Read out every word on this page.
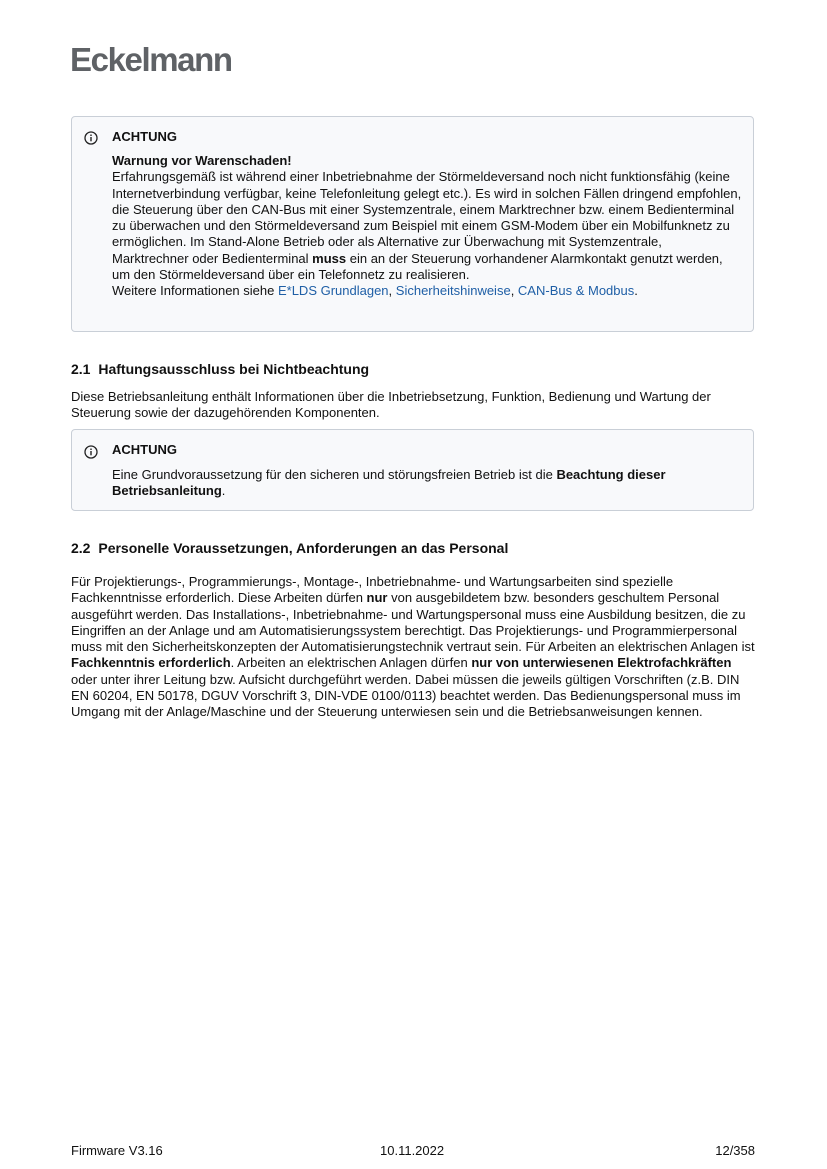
Eckelmann
ACHTUNG
Warnung vor Warenschaden!
Erfahrungsgemäß ist während einer Inbetriebnahme der Störmeldeversand noch nicht funktionsfähig (keine Internetverbindung verfügbar, keine Telefonleitung gelegt etc.). Es wird in solchen Fällen dringend empfohlen, die Steuerung über den CAN-Bus mit einer Systemzentrale, einem Marktrechner bzw. einem Bedienterminal zu überwachen und den Störmeldeversand zum Beispiel mit einem GSM-Modem über ein Mobilfunknetz zu ermöglichen. Im Stand-Alone Betrieb oder als Alternative zur Überwachung mit Systemzentrale, Marktrechner oder Bedienterminal muss ein an der Steuerung vorhandener Alarmkontakt genutzt werden, um den Störmeldeversand über ein Telefonnetz zu realisieren.
Weitere Informationen siehe E*LDS Grundlagen, Sicherheitshinweise, CAN-Bus & Modbus.
2.1 Haftungsausschluss bei Nichtbeachtung
Diese Betriebsanleitung enthält Informationen über die Inbetriebsetzung, Funktion, Bedienung und Wartung der Steuerung sowie der dazugehörenden Komponenten.
ACHTUNG
Eine Grundvoraussetzung für den sicheren und störungsfreien Betrieb ist die Beachtung dieser Betriebsanleitung.
2.2 Personelle Voraussetzungen, Anforderungen an das Personal
Für Projektierungs-, Programmierungs-, Montage-, Inbetriebnahme- und Wartungsarbeiten sind spezielle Fachkenntnisse erforderlich. Diese Arbeiten dürfen nur von ausgebildetem bzw. besonders geschultem Personal ausgeführt werden. Das Installations-, Inbetriebnahme- und Wartungspersonal muss eine Ausbildung besitzen, die zu Eingriffen an der Anlage und am Automatisierungssystem berechtigt. Das Projektierungs- und Programmierpersonal muss mit den Sicherheitskonzepten der Automatisierungstechnik vertraut sein. Für Arbeiten an elektrischen Anlagen ist Fachkenntnis erforderlich. Arbeiten an elektrischen Anlagen dürfen nur von unterwiesenen Elektrofachkräften oder unter ihrer Leitung bzw. Aufsicht durchgeführt werden. Dabei müssen die jeweils gültigen Vorschriften (z.B. DIN EN 60204, EN 50178, DGUV Vorschrift 3, DIN-VDE 0100/0113) beachtet werden. Das Bedienungspersonal muss im Umgang mit der Anlage/Maschine und der Steuerung unterwiesen sein und die Betriebsanweisungen kennen.
Firmware V3.16	10.11.2022	12/358
